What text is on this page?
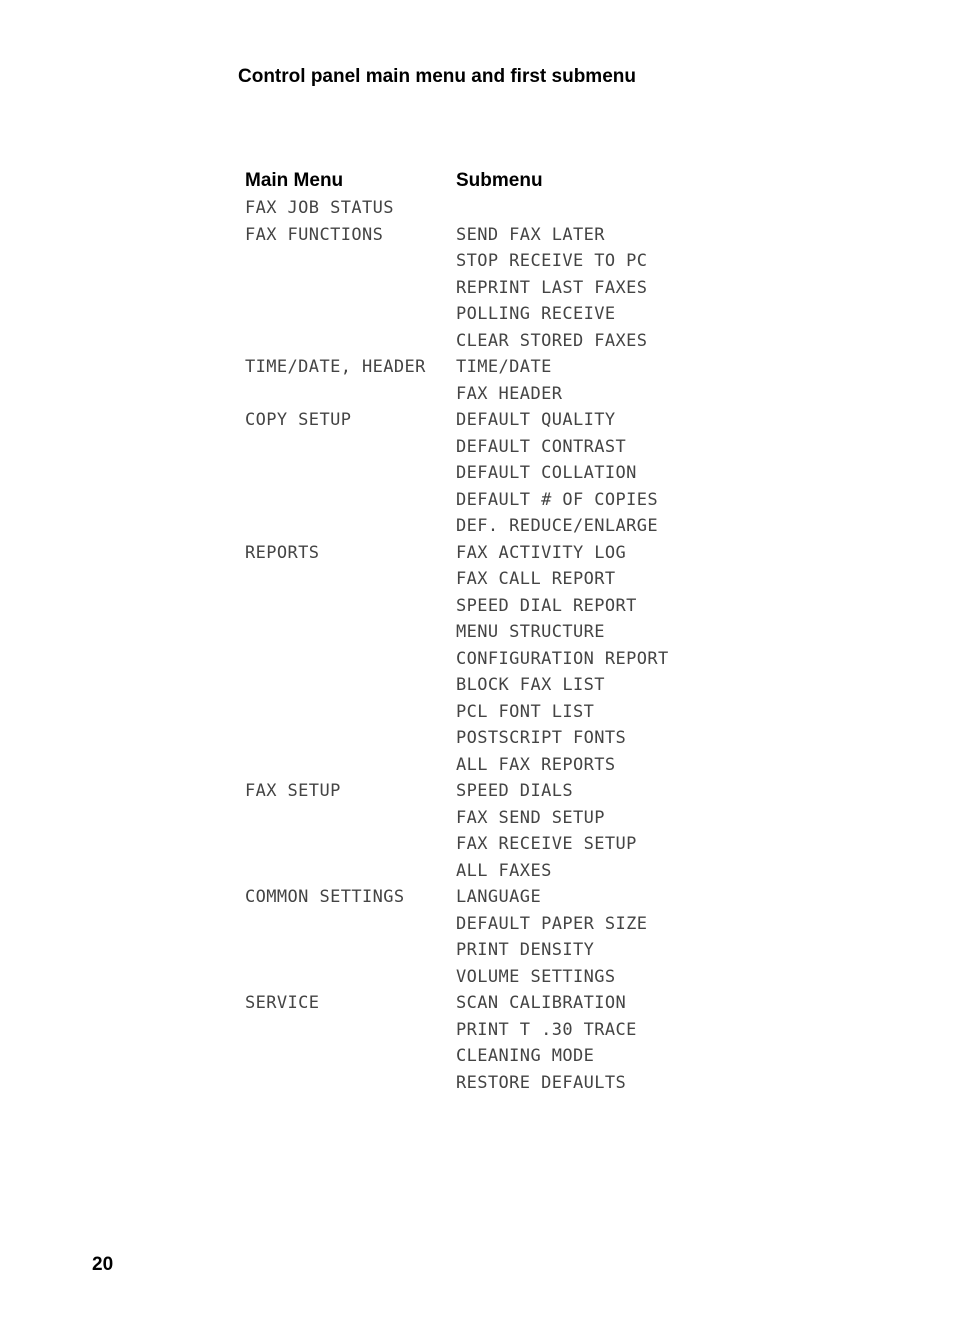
Control panel main menu and first submenu
Main Menu	Submenu
FAX JOB STATUS	
FAX FUNCTIONS	SEND FAX LATER
	STOP RECEIVE TO PC
	REPRINT LAST FAXES
	POLLING RECEIVE
	CLEAR STORED FAXES
TIME/DATE, HEADER	TIME/DATE
	FAX HEADER
COPY SETUP	DEFAULT QUALITY
	DEFAULT CONTRAST
	DEFAULT COLLATION
	DEFAULT # OF COPIES
	DEF. REDUCE/ENLARGE
REPORTS	FAX ACTIVITY LOG
	FAX CALL REPORT
	SPEED DIAL REPORT
	MENU STRUCTURE
	CONFIGURATION REPORT
	BLOCK FAX LIST
	PCL FONT LIST
	POSTSCRIPT FONTS
	ALL FAX REPORTS
FAX SETUP	SPEED DIALS
	FAX SEND SETUP
	FAX RECEIVE SETUP
	ALL FAXES
COMMON SETTINGS	LANGUAGE
	DEFAULT PAPER SIZE
	PRINT DENSITY
	VOLUME SETTINGS
SERVICE	SCAN CALIBRATION
	PRINT T .30 TRACE
	CLEANING MODE
	RESTORE DEFAULTS
20
